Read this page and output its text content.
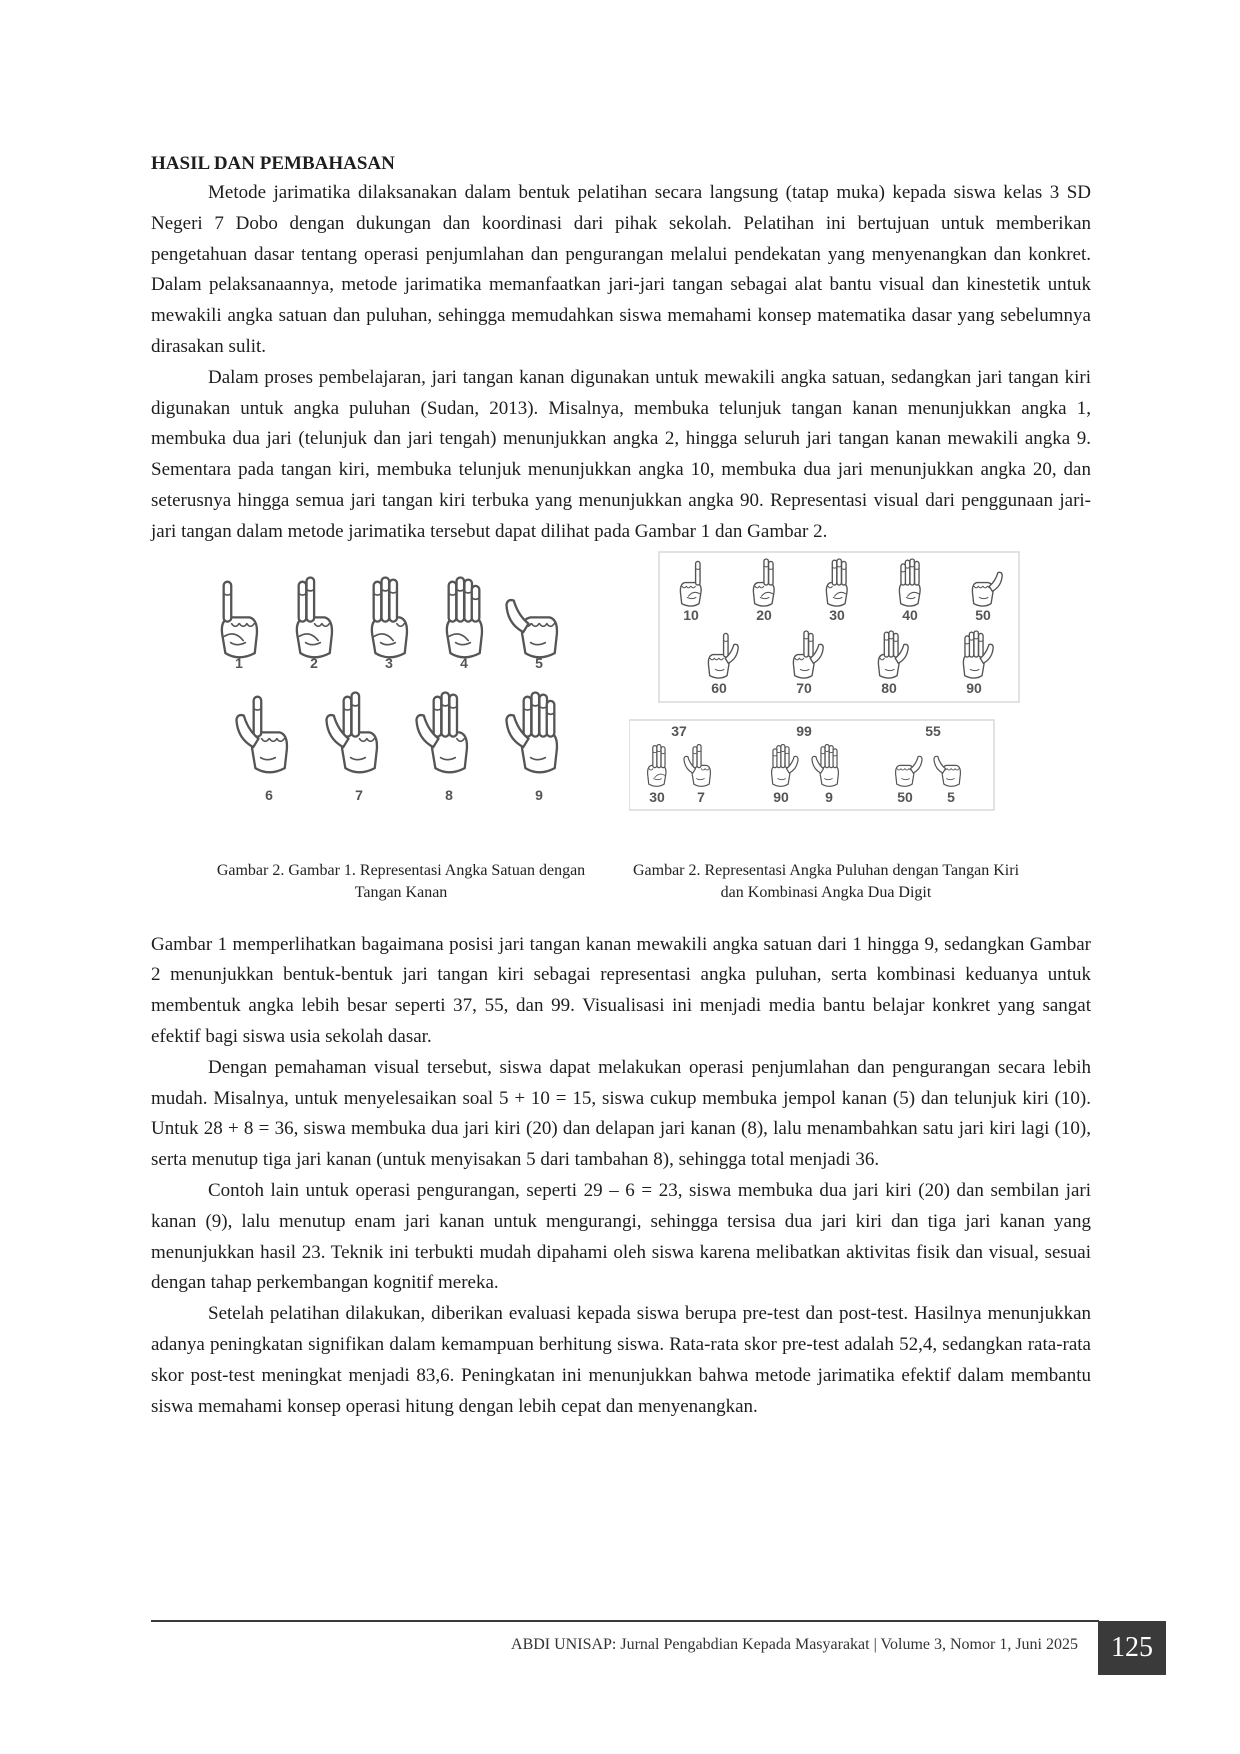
HASIL DAN PEMBAHASAN

Metode jarimatika dilaksanakan dalam bentuk pelatihan secara langsung (tatap muka) kepada siswa kelas 3 SD Negeri 7 Dobo dengan dukungan dan koordinasi dari pihak sekolah. Pelatihan ini bertujuan untuk memberikan pengetahuan dasar tentang operasi penjumlahan dan pengurangan melalui pendekatan yang menyenangkan dan konkret. Dalam pelaksanaannya, metode jarimatika memanfaatkan jari-jari tangan sebagai alat bantu visual dan kinestetik untuk mewakili angka satuan dan puluhan, sehingga memudahkan siswa memahami konsep matematika dasar yang sebelumnya dirasakan sulit.

Dalam proses pembelajaran, jari tangan kanan digunakan untuk mewakili angka satuan, sedangkan jari tangan kiri digunakan untuk angka puluhan (Sudan, 2013). Misalnya, membuka telunjuk tangan kanan menunjukkan angka 1, membuka dua jari (telunjuk dan jari tengah) menunjukkan angka 2, hingga seluruh jari tangan kanan mewakili angka 9. Sementara pada tangan kiri, membuka telunjuk menunjukkan angka 10, membuka dua jari menunjukkan angka 20, dan seterusnya hingga semua jari tangan kiri terbuka yang menunjukkan angka 90. Representasi visual dari penggunaan jari-jari tangan dalam metode jarimatika tersebut dapat dilihat pada Gambar 1 dan Gambar 2.

1	2	3	4	5
6	7	8	9
10	20	30	40	50
60	70	80	90
37
30 7
99
90	9
55
50 5
Gambar 2. Gambar 1. Representasi Angka Satuan dengan Tangan Kanan
Gambar 2. Representasi Angka Puluhan dengan Tangan Kiri dan Kombinasi Angka Dua Digit

Gambar 1 memperlihatkan bagaimana posisi jari tangan kanan mewakili angka satuan dari 1 hingga 9, sedangkan Gambar 2 menunjukkan bentuk-bentuk jari tangan kiri sebagai representasi angka puluhan, serta kombinasi keduanya untuk membentuk angka lebih besar seperti 37, 55, dan 99. Visualisasi ini menjadi media bantu belajar konkret yang sangat efektif bagi siswa usia sekolah dasar.

Dengan pemahaman visual tersebut, siswa dapat melakukan operasi penjumlahan dan pengurangan secara lebih mudah. Misalnya, untuk menyelesaikan soal 5 + 10 = 15, siswa cukup membuka jempol kanan (5) dan telunjuk kiri (10). Untuk 28 + 8 = 36, siswa membuka dua jari kiri (20) dan delapan jari kanan (8), lalu menambahkan satu jari kiri lagi (10), serta menutup tiga jari kanan (untuk menyisakan 5 dari tambahan 8), sehingga total menjadi 36.

Contoh lain untuk operasi pengurangan, seperti 29 – 6 = 23, siswa membuka dua jari kiri (20) dan sembilan jari kanan (9), lalu menutup enam jari kanan untuk mengurangi, sehingga tersisa dua jari kiri dan tiga jari kanan yang menunjukkan hasil 23. Teknik ini terbukti mudah dipahami oleh siswa karena melibatkan aktivitas fisik dan visual, sesuai dengan tahap perkembangan kognitif mereka.

Setelah pelatihan dilakukan, diberikan evaluasi kepada siswa berupa pre-test dan post-test. Hasilnya menunjukkan adanya peningkatan signifikan dalam kemampuan berhitung siswa. Rata-rata skor pre-test adalah 52,4, sedangkan rata-rata skor post-test meningkat menjadi 83,6. Peningkatan ini menunjukkan bahwa metode jarimatika efektif dalam membantu siswa memahami konsep operasi hitung dengan lebih cepat dan menyenangkan.

ABDI UNISAP: Jurnal Pengabdian Kepada Masyarakat | Volume 3, Nomor 1, Juni 2025	125
